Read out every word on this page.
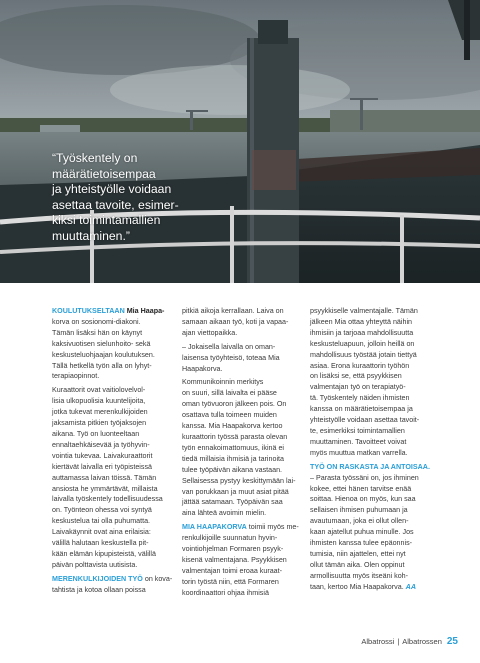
“Työskentely on
määrätietoisempaa
ja yhteistyölle voidaan
asettaa tavoite, esimer-
kiksi toimintamallien
muuttaminen.”
KOULUTUKSELTAAN Mia Haapa-
korva on sosionomi-diakoni.
Tämän lisäksi hän on käynyt
kaksivuotisen sielunhoito- sekä
keskusteluohjaajan koulutuksen.
Tällä hetkellä työn alla on lyhyt-
terapiaopinnot.
Kuraattorit ovat vaitiolovelvol-
lisia ulkopuolisia kuuntelijoita,
jotka tukevat merenkulkijoiden
jaksamista pitkien työjaksojen
aikana. Työ on luonteeltaan
ennaltaehkäisevää ja työhyvin-
vointia tukevaa. Laivakuraattorit
kiertävät laivalla eri työpisteissä
auttamassa laivan töissä. Tämän
ansiosta he ymmärtävät, millaista
laivalla työskentely todellisuudessa
on. Työnteon ohessa voi syntyä
keskustelua tai olla puhumatta.
Laivakäynnit ovat aina erilaisia:
välillä halutaan keskustella pit-
kään elämän kipupisteistä, välillä
päivän polttavista uutisista.
MERENKULKIJOIDEN TYÖ on kova-
tahtista ja kotoa ollaan poissa
pitkiä aikoja kerrallaan. Laiva on
samaan aikaan työ, koti ja vapaa-
ajan viettopaikka.
– Jokaisella laivalla on oman-
laisensa työyhteisö, toteaa Mia
Haapakorva.
Kommunikoinnin merkitys
on suuri, sillä laivalta ei pääse
oman työvuoron jälkeen pois. On
osattava tulla toimeen muiden
kanssa. Mia Haapakorva kertoo
kuraattorin työssä parasta olevan
työn ennakoimattomuus, ikinä ei
tiedä millaisia ihmisiä ja tarinoita
tulee työpäivän aikana vastaan.
Sellaisessa pystyy keskittymään lai-
van porukkaan ja muut asiat pitää
jättää satamaan. Työpäivän saa
aina lähteä avoimin mielin.
MIA HAAPAKORVA toimii myös me-
renkulkijoille suunnatun hyvin-
vointiohjelman Formaren psyyk-
kisenä valmentajana. Psyykkisen
valmentajan toimi eroaa kuraat-
torin työstä niin, että Formaren
koordinaattori ohjaa ihmisiä
psyykkiselle valmentajalle. Tämän
jälkeen Mia ottaa yhteyttä näihin
ihmisiin ja tarjoaa mahdollisuutta
keskusteluapuun, jolloin heillä on
mahdollisuus työstää jotain tiettyä
asiaa. Erona kuraattorin työhön
on lisäksi se, että psyykkisen
valmentajan työ on terapiatyö-
tä. Työskentely näiden ihmisten
kanssa on määrätietoisempaa ja
yhteistyölle voidaan asettaa tavoit-
te, esimerkiksi toimintamallien
muuttaminen. Tavoitteet voivat
myös muuttua matkan varrella.
TYÖ ON RASKASTA JA ANTOISAA.
– Parasta työssäni on, jos ihminen
kokee, ettei hänen tarvitse enää
soittaa. Hienoa on myös, kun saa
sellaisen ihmisen puhumaan ja
avautumaan, joka ei ollut ollen-
kaan ajatellut puhua minulle. Jos
ihmisten kanssa tulee epäonnis-
tumisia, niin ajattelen, ettei nyt
ollut tämän aika. Olen oppinut
armollisuutta myös itseäni koh-
taan, kertoo Mia Haapakorva. AA
Albatrossi | Albatrossen 25
